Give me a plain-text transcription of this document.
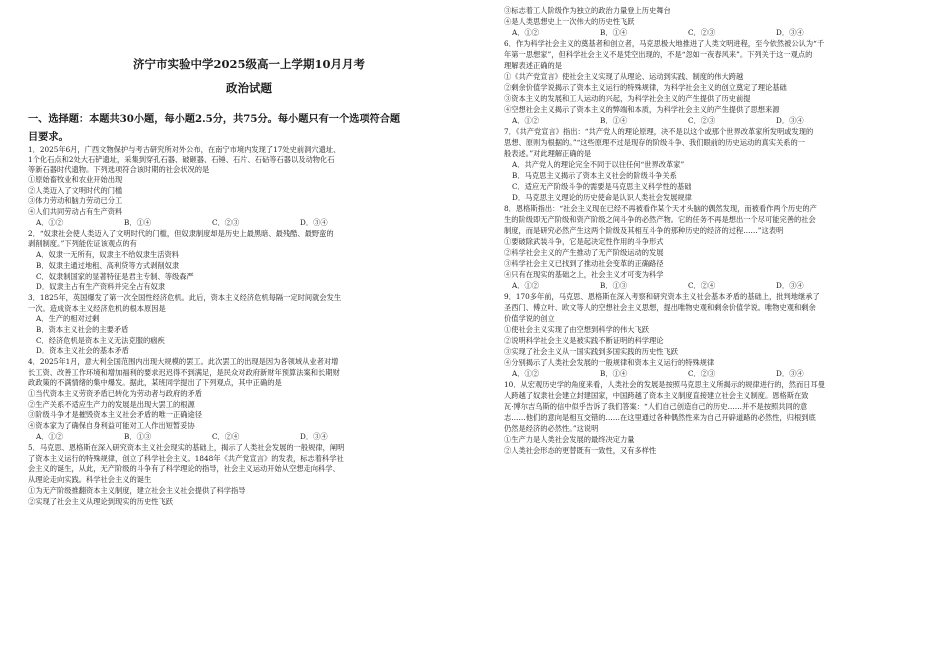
济宁市实验中学2025级高一上学期10月月考
政治试题
一、选择题：本题共30小题，每小题2.5分，共75分。每小题只有一个选项符合题
目要求。
1．2025年6月，广西文物保护与考古研究所对外公布，在南宁市境内发现了17处史前洞穴遗址、
1个化石点和2处大石铲遗址，采集到穿孔石器、破砸器、石锤、石片、石砧等石器以及动物化石
等新石器时代遗物。下列选项符合该时期的社会状况的是
①原始畜牧业和农业开始出现
②人类迈入了文明时代的门槛
③体力劳动和脑力劳动已分工
④人们共同劳动占有生产资料
A．①②	B．①④	C．②③	D．③④
2．“奴隶社会使人类迈入了文明时代的门槛，但奴隶制度却是历史上最黑暗、最残酷、最野蛮的
剥削制度。”下列能佐证该观点的有
A．奴隶一无所有，奴隶主不给奴隶生活资料
B．奴隶主通过地租、高利贷等方式剥削奴隶
C．奴隶制国家的显著特征是君主专制、等级森严
D．奴隶主占有生产资料并完全占有奴隶
3．1825年，英国爆发了第一次全国性经济危机。此后，资本主义经济危机每隔一定时间就会发生
一次。造成资本主义经济危机的根本原因是
A．生产的相对过剩
B．资本主义社会的主要矛盾
C．经济危机是资本主义无法克服的痼疾
D．资本主义社会的基本矛盾
4．2025年1月，意大利全国范围内出现大规模的罢工。此次罢工的出现是因为各领域从业者对增
长工资、改善工作环境和增加福利的要求迟迟得不到满足，是民众对政府新财年预算法案和长期财
政政策的不满情绪的集中爆发。据此，某班同学提出了下列观点，其中正确的是
①当代资本主义劳资矛盾已转化为劳动者与政府的矛盾
②生产关系不适应生产力的发展是出现大罢工的根源
③阶级斗争才是摧毁资本主义社会矛盾的唯一正确途径
④资本家为了确保自身利益可能对工人作出短暂妥协
A．①②	B．①③	C．②④	D．③④
5．马克思、恩格斯在深入研究资本主义社会现实的基础上，揭示了人类社会发展的一般规律，阐明
了资本主义运行的特殊规律，创立了科学社会主义。1848年《共产党宣言》的发表，标志着科学社
会主义的诞生，从此，无产阶级的斗争有了科学理论的指导，社会主义运动开始从空想走向科学、
从理论走向实践。科学社会主义的诞生
①为无产阶级推翻资本主义制度，建立社会主义社会提供了科学指导
②实现了社会主义从理论到现实的历史性飞跃
③标志着工人阶级作为独立的政治力量登上历史舞台
④是人类思想史上一次伟大的历史性飞跃
A．①②	B．①④	C．②③	D．③④
6．作为科学社会主义的奠基者和创立者，马克思极大地推进了人类文明进程，至今依然被公认为“千
年第一思想家”，但科学社会主义不是凭空出现的，不是“忽如一夜春风来”。下列关于这一观点的
理解表述正确的是
①《共产党宣言》使社会主义实现了从理论、运动到实践、制度的伟大跨越
②剩余价值学说揭示了资本主义运行的特殊规律，为科学社会主义的创立奠定了理论基础
③资本主义的发展和工人运动的兴起，为科学社会主义的产生提供了历史前提
④空想社会主义揭示了资本主义的弊端和本质，为科学社会主义的产生提供了思想来源
A．①②	B．①④	C．②③	D．③④
7．《共产党宣言》指出：“共产党人的理论原理，决不是以这个或那个世界改革家所发明或发现的
思想、原则为根据的。”“这些原理不过是现存的阶级斗争、我们眼前的历史运动的真实关系的一
般表述。”对此理解正确的是
A．共产党人的理论完全不同于以往任何“世界改革家”
B．马克思主义揭示了资本主义社会的阶级斗争关系
C．适应无产阶级斗争的需要是马克思主义科学性的基础
D．马克思主义理论的历史使命是认识人类社会发展规律
8．恩格斯指出：“社会主义现在已经不再被看作某个天才头脑的偶然发现，而被看作两个历史的产
生的阶级即无产阶级和资产阶级之间斗争的必然产物。它的任务不再是想出一个尽可能完善的社会
制度，而是研究必然产生这两个阶级及其相互斗争的那种历史的经济的过程……”这表明
①要破除武装斗争，它是起决定性作用的斗争形式
②科学社会主义的产生推动了无产阶级运动的发展
③科学社会主义已找到了推动社会变革的正确路径
④只有在现实的基础之上，社会主义才可变为科学
A．①②	B．①③	C．②④	D．③④
9．170多年前，马克思、恩格斯在深入考察和研究资本主义社会基本矛盾的基础上，批判地继承了
圣西门、傅立叶、欧文等人的空想社会主义思想，提出唯物史观和剩余价值学说。唯物史观和剩余
价值学说的创立
①使社会主义实现了由空想到科学的伟大飞跃
②说明科学社会主义是被实践不断证明的科学理论
③实现了社会主义从一国实践到多国实践的历史性飞跃
④分别揭示了人类社会发展的一般规律和资本主义运行的特殊规律
A．①②	B．①④	C．②③	D．③④
10．从宏观历史学的角度来看，人类社会的发展是按照马克思主义所揭示的规律进行的，然而日耳曼
人跨越了奴隶社会建立封建国家，中国跨越了资本主义制度直接建立社会主义制度。恩格斯在致
瓦·博尔吉乌斯的信中似乎告诉了我们答案：“人们自己创造自己的历史……并不是按照共同的意
志……他们的意向是相互交错的……在这里通过各种偶然性来为自己开辟道路的必然性，归根到底
仍然是经济的必然性。”这说明
①生产力是人类社会发展的最终决定力量
②人类社会形态的更替既有一致性，又有多样性
